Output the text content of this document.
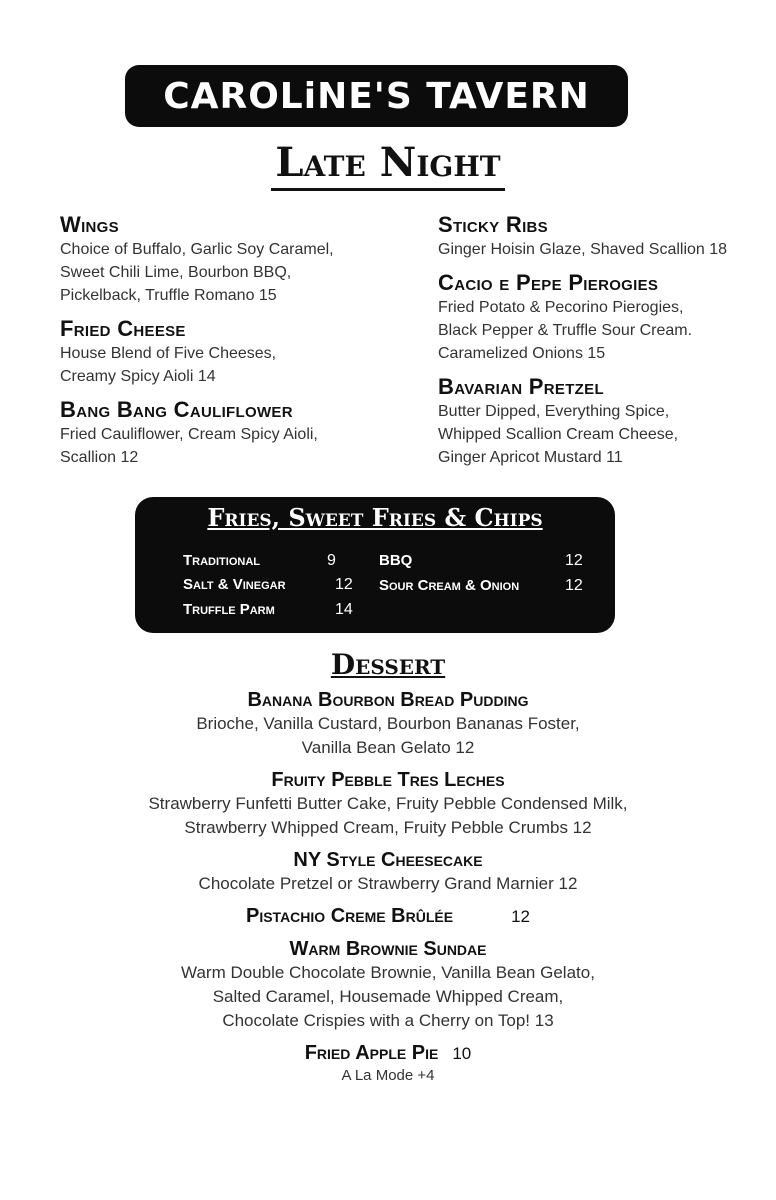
CAROLiNE'S TAVERN
Late Night
Wings
Choice of Buffalo, Garlic Soy Caramel,
Sweet Chili Lime, Bourbon BBQ,
Pickelback, Truffle Romano 15
Fried Cheese
House Blend of Five Cheeses,
Creamy Spicy Aioli 14
Bang Bang Cauliflower
Fried Cauliflower, Cream Spicy Aioli,
Scallion 12
Sticky Ribs
Ginger Hoisin Glaze, Shaved Scallion 18
Cacio e Pepe Pierogies
Fried Potato & Pecorino Pierogies,
Black Pepper & Truffle Sour Cream.
Caramelized Onions 15
Bavarian Pretzel
Butter Dipped, Everything Spice,
Whipped Scallion Cream Cheese,
Ginger Apricot Mustard 11
Fries, Sweet Fries & Chips
Traditional	9
Salt & Vinegar	12
Truffle Parm	14
BBQ	12
Sour Cream & Onion	12
Dessert
Banana Bourbon Bread Pudding
Brioche, Vanilla Custard, Bourbon Bananas Foster,
Vanilla Bean Gelato 12
Fruity Pebble Tres Leches
Strawberry Funfetti Butter Cake, Fruity Pebble Condensed Milk,
Strawberry Whipped Cream, Fruity Pebble Crumbs 12
NY Style Cheesecake
Chocolate Pretzel or Strawberry Grand Marnier 12
Pistachio Creme Brûlée	12
Warm Brownie Sundae
Warm Double Chocolate Brownie, Vanilla Bean Gelato,
Salted Caramel, Housemade Whipped Cream,
Chocolate Crispies with a Cherry on Top! 13
Fried Apple Pie 10
A La Mode +4
